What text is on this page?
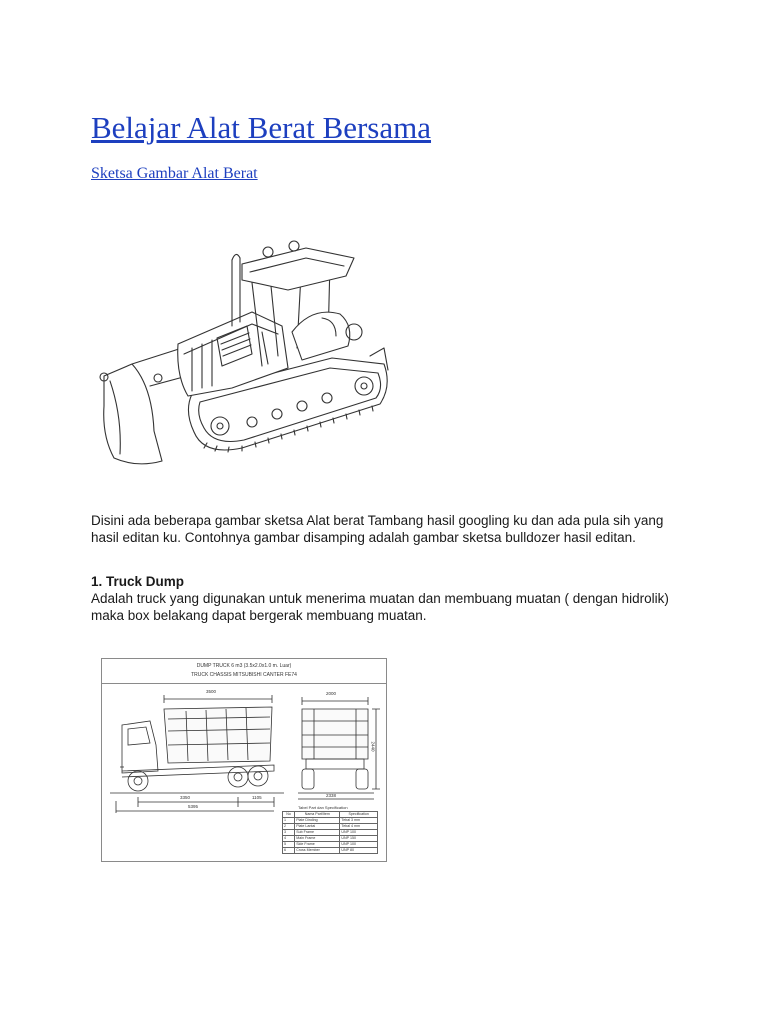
Belajar Alat Berat Bersama
Sketsa Gambar Alat Berat

Disini ada beberapa gambar sketsa Alat berat Tambang hasil googling ku dan ada pula sih yang hasil editan ku. Contohnya gambar disamping adalah gambar sketsa bulldozer hasil editan.

1. Truck Dump

Adalah truck yang digunakan untuk menerima muatan dan membuang muatan ( dengan hidrolik) maka box belakang dapat bergerak membuang muatan.

DUMP TRUCK 6 m3 (3.5x2.0x1.0 m. Luar)
TRUCK CHASSIS MITSUBISHI CANTER FE74
3500
3350	1105
5395
2000
2338
2440
Tabel Part dan Specification
No	Nama Part/Item	Specification
1	Plate Dinding	Tebal 3 mm
2	Plate Lantai	Tebal 4 mm
3	Sub Frame	UNP 100
4	Main Frame	UNP 150
5	Side Frame	UNP 100
6	Cross Member	UNP 80
